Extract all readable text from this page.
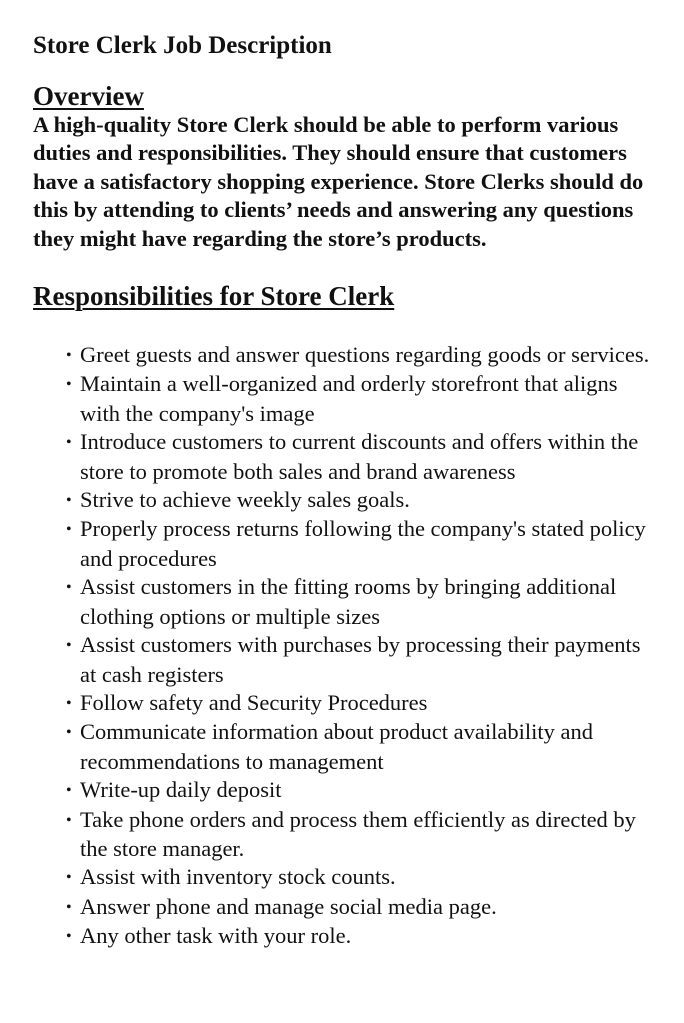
Store Clerk Job Description
Overview

A high-quality Store Clerk should be able to perform various duties and responsibilities. They should ensure that customers have a satisfactory shopping experience. Store Clerks should do this by attending to clients’ needs and answering any questions they might have regarding the store’s products.

Responsibilities for Store Clerk
• Greet guests and answer questions regarding goods or services.
• Maintain a well-organized and orderly storefront that aligns with the company's image
• Introduce customers to current discounts and offers within the store to promote both sales and brand awareness
• Strive to achieve weekly sales goals.
• Properly process returns following the company's stated policy and procedures
• Assist customers in the fitting rooms by bringing additional clothing options or multiple sizes
• Assist customers with purchases by processing their payments at cash registers
• Follow safety and Security Procedures
• Communicate information about product availability and recommendations to management
• Write-up daily deposit
• Take phone orders and process them efficiently as directed by the store manager.
• Assist with inventory stock counts.
• Answer phone and manage social media page.
• Any other task with your role.
